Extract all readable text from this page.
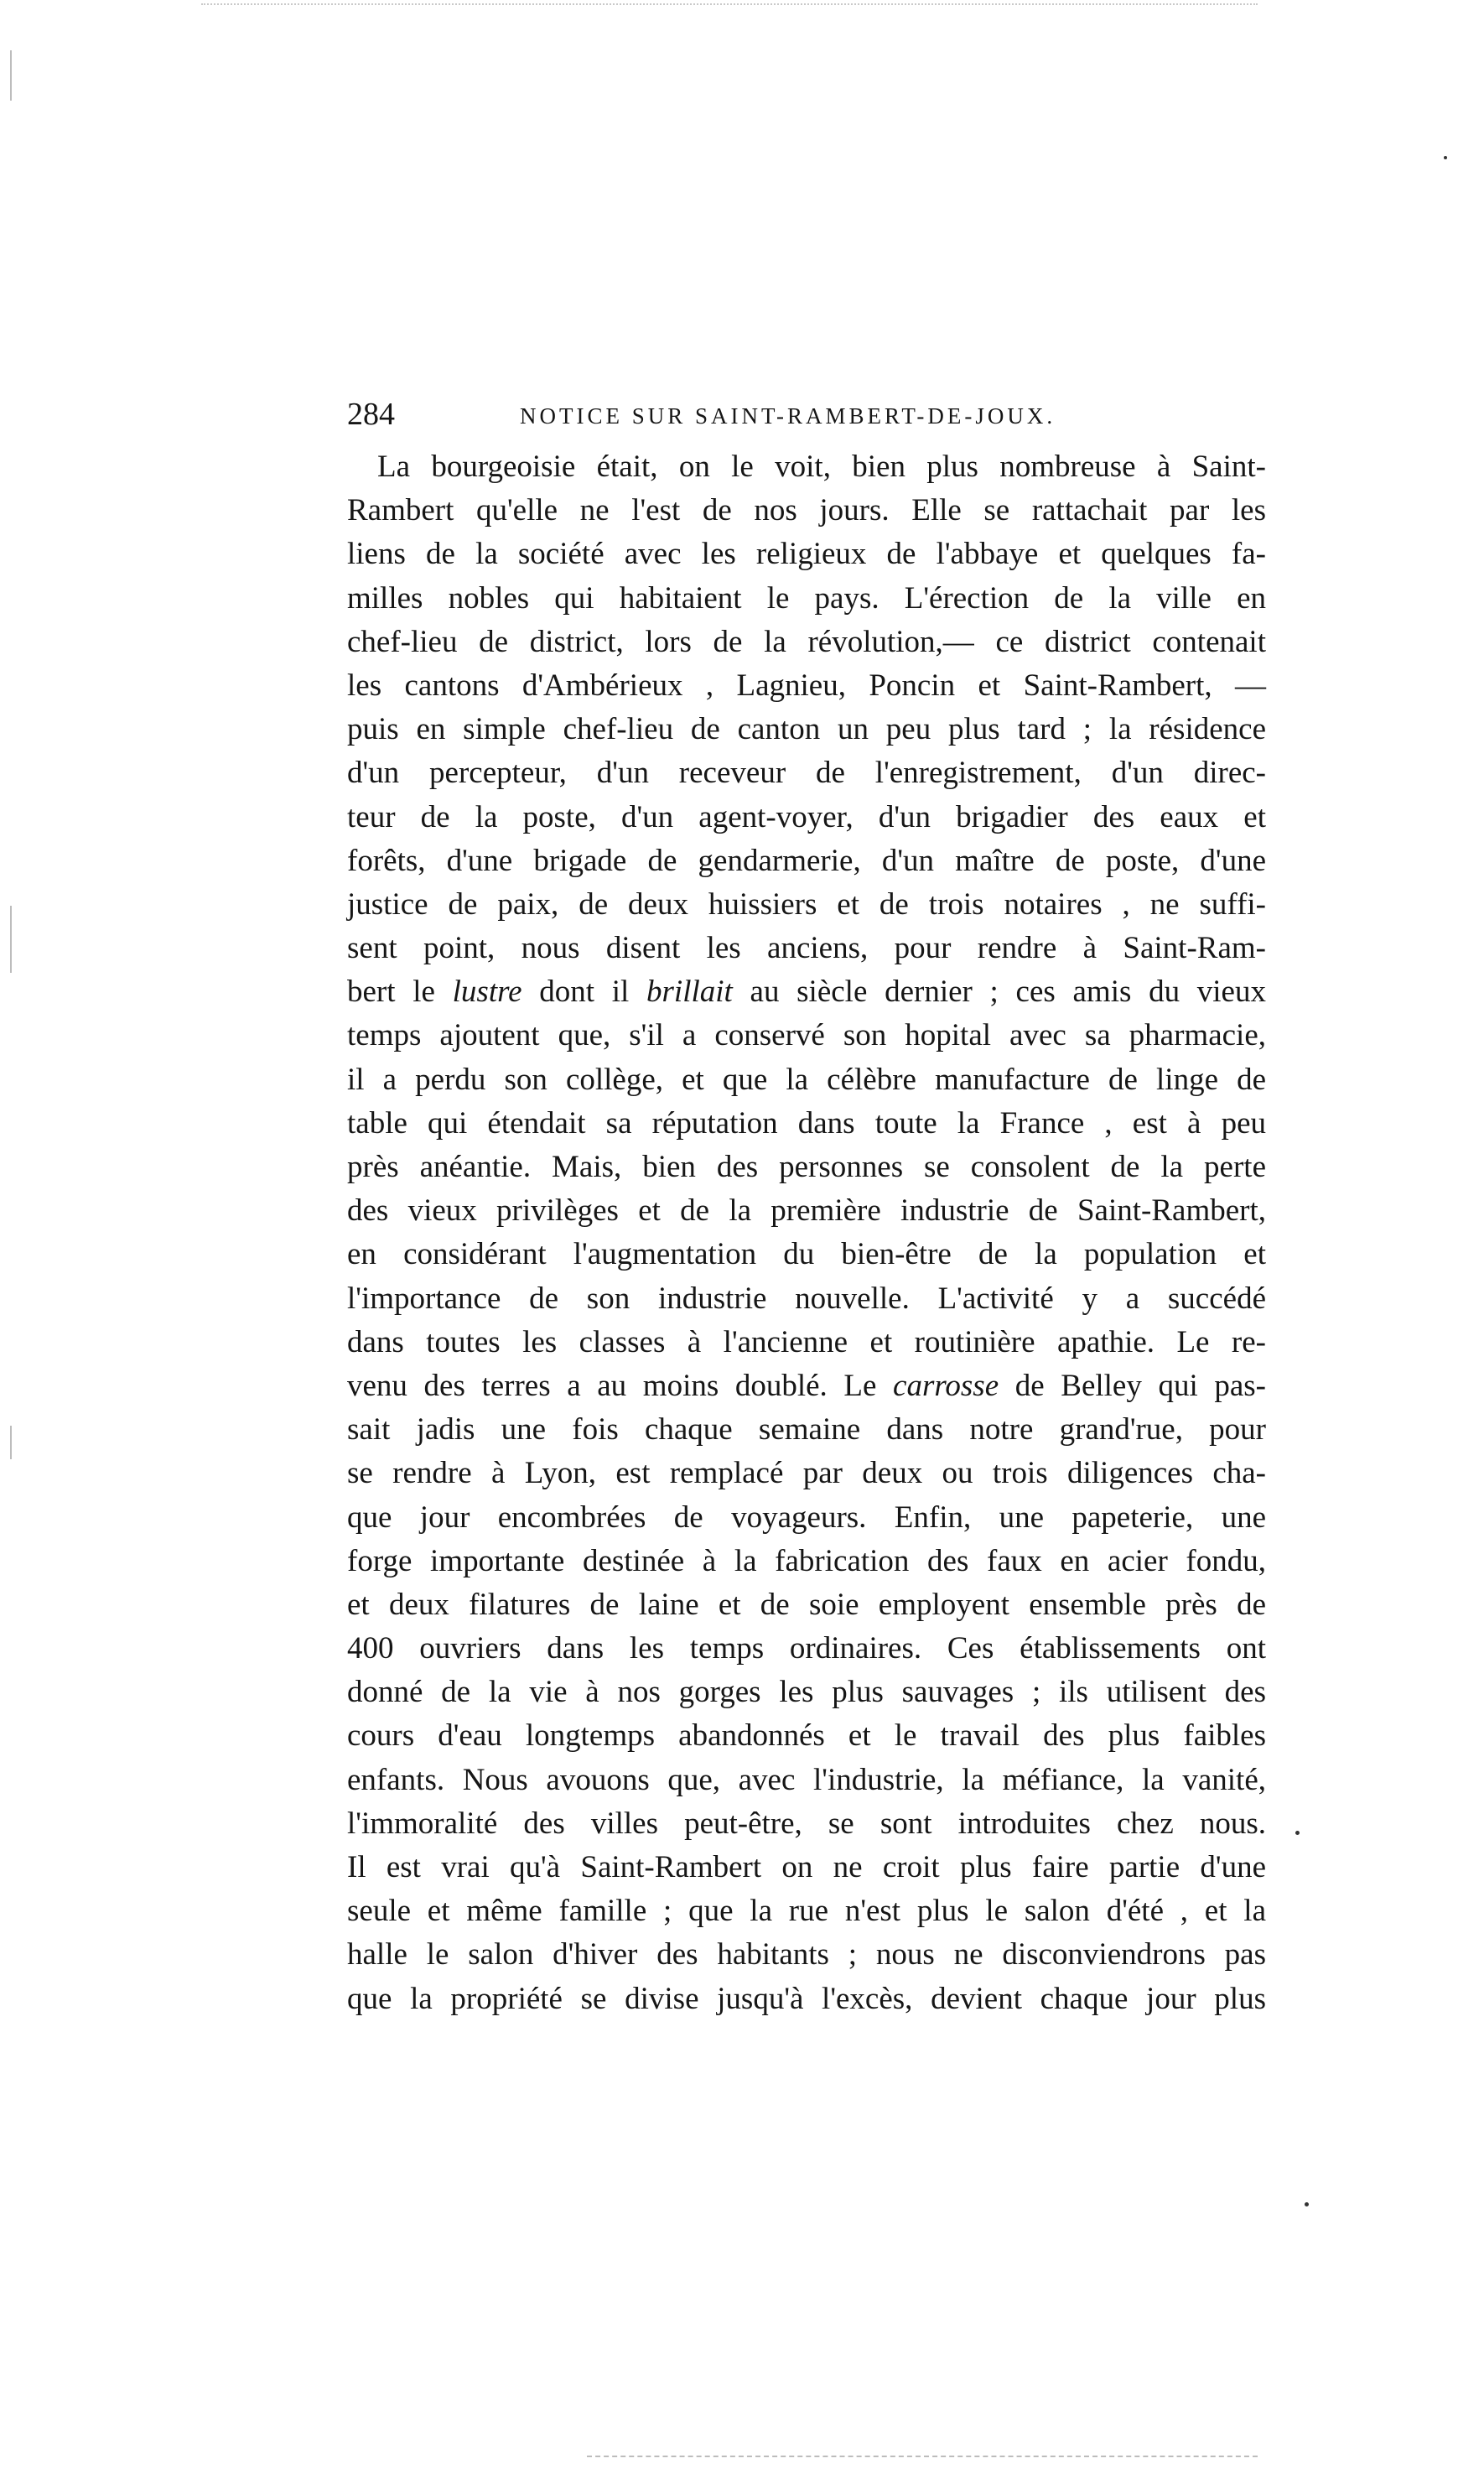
284	NOTICE SUR SAINT-RAMBERT-DE-JOUX.
La bourgeoisie était, on le voit, bien plus nombreuse à Saint-
Rambert qu'elle ne l'est de nos jours. Elle se rattachait par les
liens de la société avec les religieux de l'abbaye et quelques fa-
milles nobles qui habitaient le pays. L'érection de la ville en
chef-lieu de district, lors de la révolution,— ce district contenait
les cantons d'Ambérieux , Lagnieu, Poncin et Saint-Rambert, —
puis en simple chef-lieu de canton un peu plus tard ; la résidence
d'un percepteur, d'un receveur de l'enregistrement, d'un direc-
teur de la poste, d'un agent-voyer, d'un brigadier des eaux et
forêts, d'une brigade de gendarmerie, d'un maître de poste, d'une
justice de paix, de deux huissiers et de trois notaires , ne suffi-
sent point, nous disent les anciens, pour rendre à Saint-Ram-
bert le lustre dont il brillait au siècle dernier ; ces amis du vieux
temps ajoutent que, s'il a conservé son hopital avec sa pharmacie,
il a perdu son collège, et que la célèbre manufacture de linge de
table qui étendait sa réputation dans toute la France , est à peu
près anéantie. Mais, bien des personnes se consolent de la perte
des vieux privilèges et de la première industrie de Saint-Rambert,
en considérant l'augmentation du bien-être de la population et
l'importance de son industrie nouvelle. L'activité y a succédé
dans toutes les classes à l'ancienne et routinière apathie. Le re-
venu des terres a au moins doublé. Le carrosse de Belley qui pas-
sait jadis une fois chaque semaine dans notre grand'rue, pour
se rendre à Lyon, est remplacé par deux ou trois diligences cha-
que jour encombrées de voyageurs. Enfin, une papeterie, une
forge importante destinée à la fabrication des faux en acier fondu,
et deux filatures de laine et de soie employent ensemble près de
400 ouvriers dans les temps ordinaires. Ces établissements ont
donné de la vie à nos gorges les plus sauvages ; ils utilisent des
cours d'eau longtemps abandonnés et le travail des plus faibles
enfants. Nous avouons que, avec l'industrie, la méfiance, la vanité,
l'immoralité des villes peut-être, se sont introduites chez nous.
Il est vrai qu'à Saint-Rambert on ne croit plus faire partie d'une
seule et même famille ; que la rue n'est plus le salon d'été , et la
halle le salon d'hiver des habitants ; nous ne disconviendrons pas
que la propriété se divise jusqu'à l'excès, devient chaque jour plus
